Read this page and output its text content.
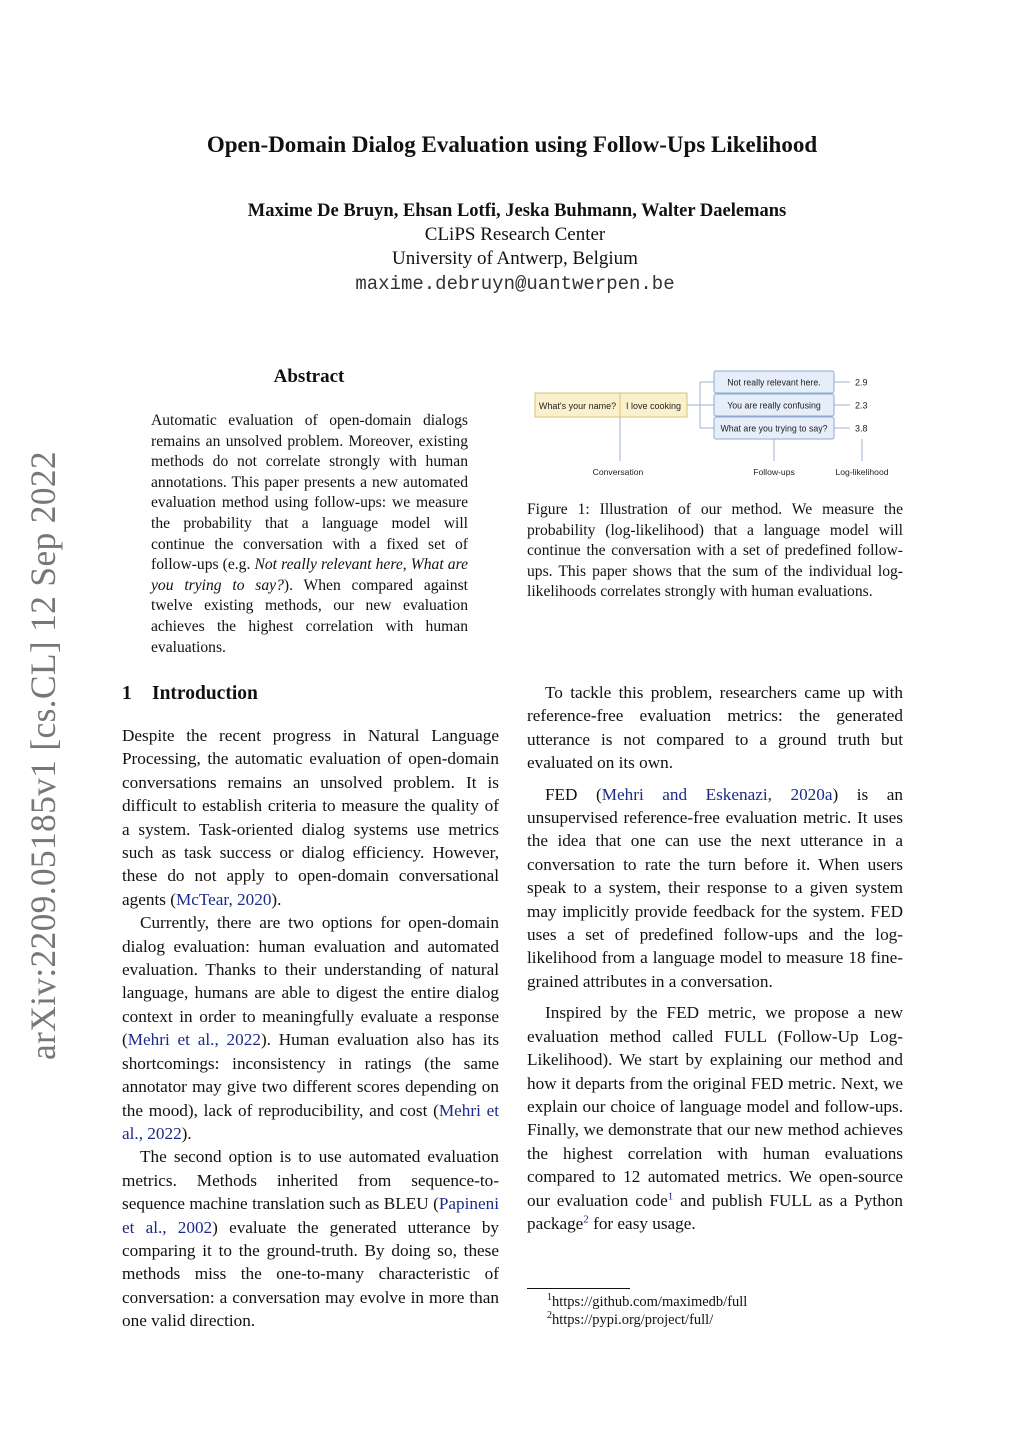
Open-Domain Dialog Evaluation using Follow-Ups Likelihood
Maxime De Bruyn, Ehsan Lotfi, Jeska Buhmann, Walter Daelemans
CLiPS Research Center
University of Antwerp, Belgium
maxime.debruyn@uantwerpen.be
arXiv:2209.05185v1 [cs.CL] 12 Sep 2022
Abstract
Automatic evaluation of open-domain dialogs remains an unsolved problem. Moreover, existing methods do not correlate strongly with human annotations. This paper presents a new automated evaluation method using follow-ups: we measure the probability that a language model will continue the conversation with a fixed set of follow-ups (e.g. Not really relevant here, What are you trying to say?). When compared against twelve existing methods, our new evaluation achieves the highest correlation with human evaluations.
What's your name? I love cooking
Not really relevant here.
You are really confusing
What are you trying to say?
2.9
2.3
3.8
Conversation	Follow-ups	Log-likelihood
Figure 1: Illustration of our method. We measure the probability (log-likelihood) that a language model will continue the conversation with a set of predefined follow-ups. This paper shows that the sum of the individual log-likelihoods correlates strongly with human evaluations.
1 Introduction

Despite the recent progress in Natural Language Processing, the automatic evaluation of open-domain conversations remains an unsolved problem. It is difficult to establish criteria to measure the quality of a system. Task-oriented dialog systems use metrics such as task success or dialog efficiency. However, these do not apply to open-domain conversational agents (McTear, 2020).

Currently, there are two options for open-domain dialog evaluation: human evaluation and automated evaluation. Thanks to their understanding of natural language, humans are able to digest the entire dialog context in order to meaningfully evaluate a response (Mehri et al., 2022). Human evaluation also has its shortcomings: inconsistency in ratings (the same annotator may give two different scores depending on the mood), lack of reproducibility, and cost (Mehri et al., 2022).

The second option is to use automated evaluation metrics. Methods inherited from sequence-to-sequence machine translation such as BLEU (Papineni et al., 2002) evaluate the generated utterance by comparing it to the ground-truth. By doing so, these methods miss the one-to-many characteristic of conversation: a conversation may evolve in more than one valid direction.

To tackle this problem, researchers came up with reference-free evaluation metrics: the generated utterance is not compared to a ground truth but evaluated on its own.

FED (Mehri and Eskenazi, 2020a) is an unsupervised reference-free evaluation metric. It uses the idea that one can use the next utterance in a conversation to rate the turn before it. When users speak to a system, their response to a given system may implicitly provide feedback for the system. FED uses a set of predefined follow-ups and the log-likelihood from a language model to measure 18 fine-grained attributes in a conversation.

Inspired by the FED metric, we propose a new evaluation method called FULL (Follow-Up Log-Likelihood). We start by explaining our method and how it departs from the original FED metric. Next, we explain our choice of language model and follow-ups. Finally, we demonstrate that our new method achieves the highest correlation with human evaluations compared to 12 automated metrics. We open-source our evaluation code$^1$ and publish FULL as a Python package$^2$ for easy usage.

$^1$https://github.com/maximedb/full
$^2$https://pypi.org/project/full/
